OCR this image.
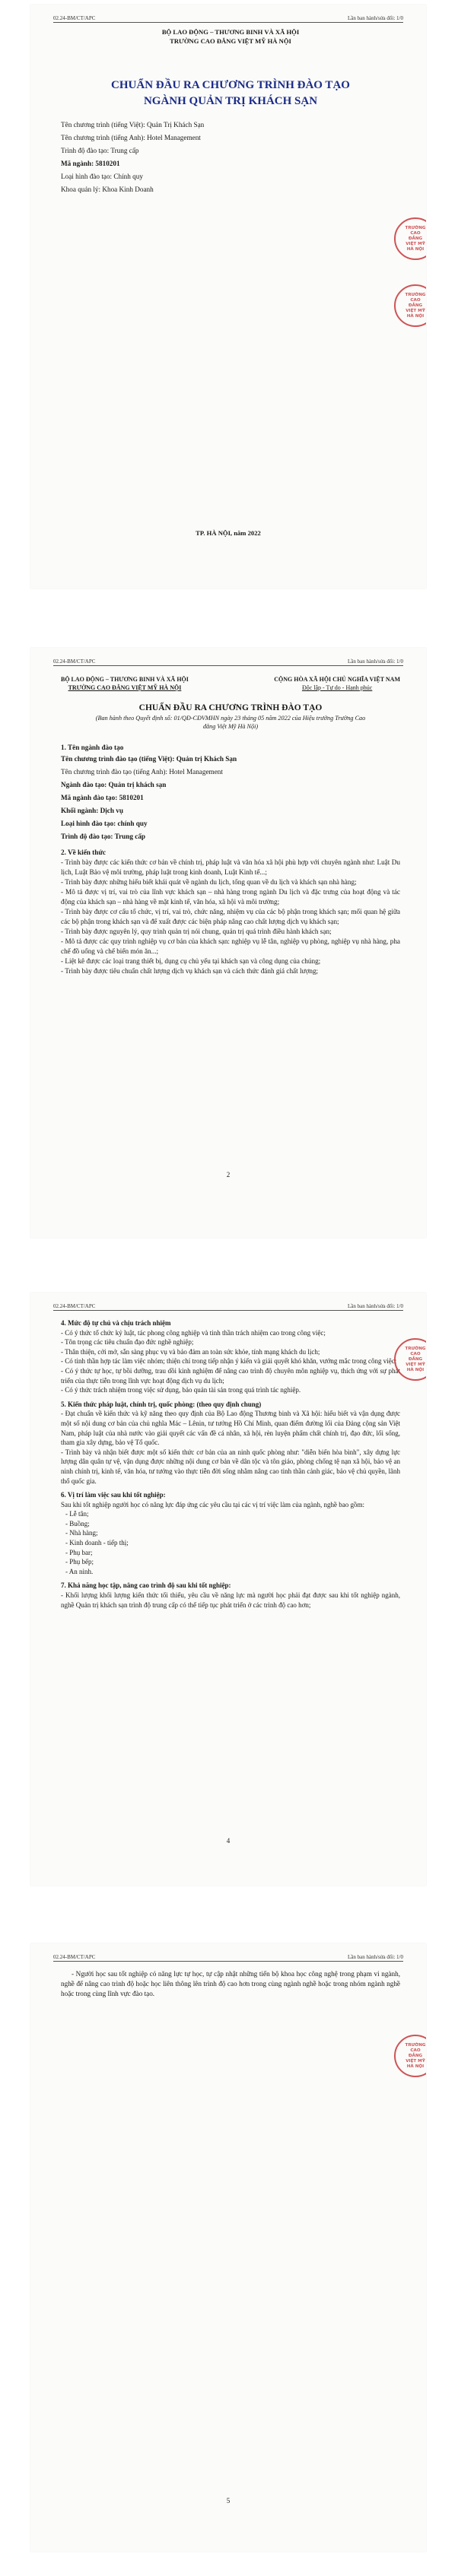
02.24-BM/CT/APC	Lần ban hành/sửa đổi: 1/0
BỘ LAO ĐỘNG – THƯƠNG BINH VÀ XÃ HỘI
TRƯỜNG CAO ĐẲNG VIỆT MỸ HÀ NỘI
CHUẨN ĐẦU RA CHƯƠNG TRÌNH ĐÀO TẠO
NGÀNH QUẢN TRỊ KHÁCH SẠN
Tên chương trình (tiếng Việt): Quản Trị Khách Sạn
Tên chương trình (tiếng Anh): Hotel Management
Trình độ đào tạo: Trung cấp
Mã ngành: 5810201
Loại hình đào tạo: Chính quy
Khoa quản lý: Khoa Kinh Doanh
TRƯỜNG
CAO
ĐẲNG
VIỆT MỸ
HÀ NỘI
TRƯỜNG
CAO
ĐẲNG
VIỆT MỸ
HÀ NỘI
TP. HÀ NỘI, năm 2022
02.24-BM/CT/APC	Lần ban hành/sửa đổi: 1/0
BỘ LAO ĐỘNG – THƯƠNG BINH VÀ XÃ HỘI
TRƯỜNG CAO ĐẲNG VIỆT MỸ HÀ NỘI
CỘNG HÒA XÃ HỘI CHỦ NGHĨA VIỆT NAM
Độc lập - Tự do - Hạnh phúc
CHUẨN ĐẦU RA CHƯƠNG TRÌNH ĐÀO TẠO
(Ban hành theo Quyết định số: 01/QĐ-CĐVMHN ngày 23 tháng 05 năm 2022 của Hiệu trưởng Trường Cao đẳng Việt Mỹ Hà Nội)
1. Tên ngành đào tạo
Tên chương trình đào tạo (tiếng Việt): Quản trị Khách Sạn
Tên chương trình đào tạo (tiếng Anh): Hotel Management
Ngành đào tạo: Quản trị khách sạn
Mã ngành đào tạo: 5810201
Khối ngành: Dịch vụ
Loại hình đào tạo: chính quy
Trình độ đào tạo: Trung cấp
2. Về kiến thức
- Trình bày được các kiến thức cơ bản về chính trị, pháp luật và văn hóa xã hội phù hợp với chuyên ngành như: Luật Du lịch, Luật Bảo vệ môi trường, pháp luật trong kinh doanh, Luật Kinh tế...;
- Trình bày được những hiểu biết khái quát về ngành du lịch, tổng quan về du lịch và khách sạn nhà hàng;
- Mô tả được vị trí, vai trò của lĩnh vực khách sạn – nhà hàng trong ngành Du lịch và đặc trưng của hoạt động và tác động của khách sạn – nhà hàng về mặt kinh tế, văn hóa, xã hội và môi trường;
- Trình bày được cơ cấu tổ chức, vị trí, vai trò, chức năng, nhiệm vụ của các bộ phận trong khách sạn; mối quan hệ giữa các bộ phận trong khách sạn và để xuất được các biện pháp nâng cao chất lượng dịch vụ khách sạn;
- Trình bày được nguyên lý, quy trình quản trị nói chung, quản trị quá trình điều hành khách sạn;
- Mô tả được các quy trình nghiệp vụ cơ bản của khách sạn: nghiệp vụ lễ tân, nghiệp vụ phòng, nghiệp vụ nhà hàng, pha chế đồ uống và chế biến món ăn...;
- Liệt kê được các loại trang thiết bị, dụng cụ chủ yếu tại khách sạn và công dụng của chúng;
- Trình bày được tiêu chuẩn chất lượng dịch vụ khách sạn và cách thức đánh giá chất lượng;
2
02.24-BM/CT/APC	Lần ban hành/sửa đổi: 1/0
4. Mức độ tự chủ và chịu trách nhiệm
- Có ý thức tổ chức kỷ luật, tác phong công nghiệp và tinh thần trách nhiệm cao trong công việc;
- Tôn trọng các tiêu chuẩn đạo đức nghề nghiệp;
- Thân thiện, cởi mở, sẵn sàng phục vụ và bảo đảm an toàn sức khỏe, tính mạng khách du lịch;
- Có tinh thần hợp tác làm việc nhóm; thiện chí trong tiếp nhận ý kiến và giải quyết khó khăn, vướng mắc trong công việc;
- Có ý thức tự học, tự bồi dưỡng, trau dồi kinh nghiệm để nâng cao trình độ chuyên môn nghiệp vụ, thích ứng với sự phát triển của thực tiễn trong lĩnh vực hoạt động dịch vụ du lịch;
- Có ý thức trách nhiệm trong việc sử dụng, bảo quản tài sản trong quá trình tác nghiệp.
5. Kiến thức pháp luật, chính trị, quốc phòng: (theo quy định chung)
- Đạt chuẩn về kiến thức và kỹ năng theo quy định của Bộ Lao động Thương binh và Xã hội: hiểu biết và vận dụng được một số nội dung cơ bản của chủ nghĩa Mác – Lênin, tư tưởng Hồ Chí Minh, quan điểm đường lối của Đảng cộng sản Việt Nam, pháp luật của nhà nước vào giải quyết các vấn đề cá nhân, xã hội, rèn luyện phẩm chất chính trị, đạo đức, lối sống, tham gia xây dựng, bảo vệ Tổ quốc.
- Trình bày và nhận biết được một số kiến thức cơ bản của an ninh quốc phòng như: "diễn biến hòa bình", xây dựng lực lượng dân quân tự vệ, vận dụng được những nội dung cơ bản về dân tộc và tôn giáo, phòng chống tệ nạn xã hội, bảo vệ an ninh chính trị, kinh tế, văn hóa, tư tưởng vào thực tiễn đời sống nhằm nâng cao tinh thần cảnh giác, bảo vệ chủ quyền, lãnh thổ quốc gia.
6. Vị trí làm việc sau khi tốt nghiệp:
Sau khi tốt nghiệp người học có năng lực đáp ứng các yêu cầu tại các vị trí việc làm của ngành, nghề bao gồm:
- Lễ tân;
- Buồng;
- Nhà hàng;
- Kinh doanh - tiếp thị;
- Phụ bar;
- Phụ bếp;
- An ninh.
7. Khả năng học tập, nâng cao trình độ sau khi tốt nghiệp:
- Khối lượng khối lượng kiến thức tối thiểu, yêu cầu về năng lực mà người học phải đạt được sau khi tốt nghiệp ngành, nghề Quản trị khách sạn trình độ trung cấp có thể tiếp tục phát triển ở các trình độ cao hơn;
TRƯỜNG
CAO
ĐẲNG
VIỆT MỸ
HÀ NỘI
4
02.24-BM/CT/APC	Lần ban hành/sửa đổi: 1/0
- Người học sau tốt nghiệp có năng lực tự học, tự cập nhật những tiến bộ khoa học công nghệ trong phạm vi ngành, nghề để nâng cao trình độ hoặc học liên thông lên trình độ cao hơn trong cùng ngành nghề hoặc trong nhóm ngành nghề hoặc trong cùng lĩnh vực đào tạo.
TRƯỜNG
CAO
ĐẲNG
VIỆT MỸ
HÀ NỘI
5
